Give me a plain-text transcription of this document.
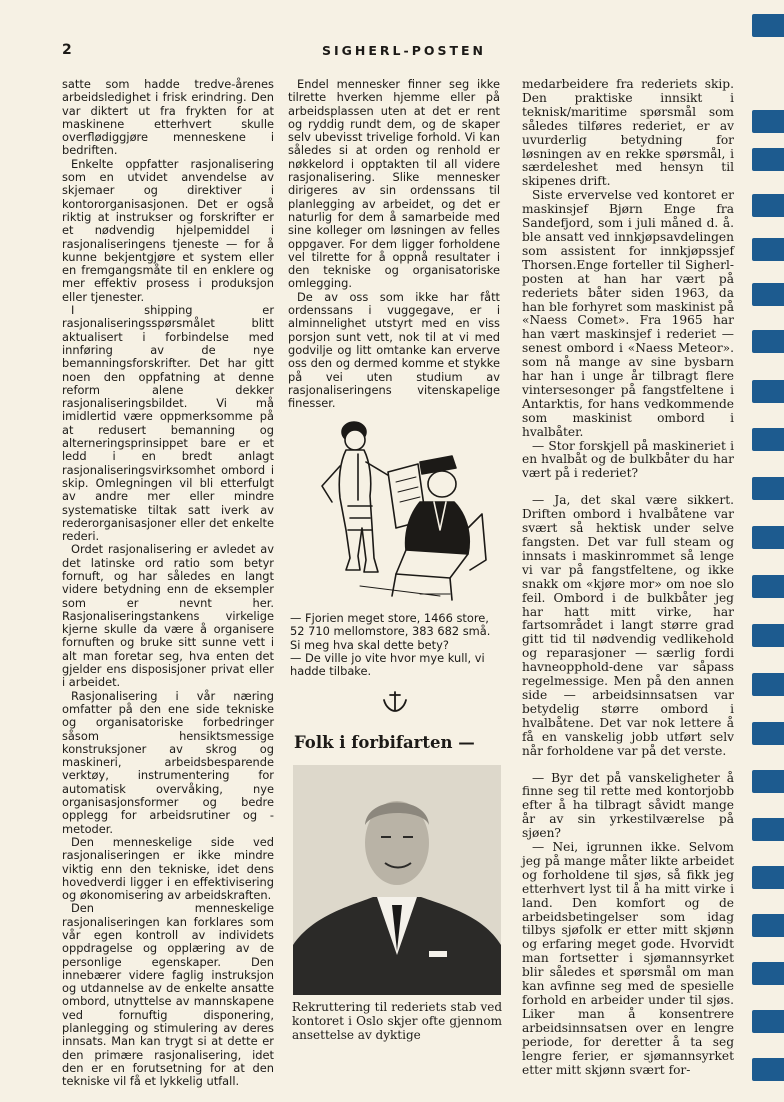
2	SIGHERL-POSTEN

satte som hadde tredve-årenes arbeidsledighet i frisk erindring. Den var diktert ut fra frykten for at maskinene etterhvert skulle overflødiggjøre menneskene i bedriften.

Enkelte oppfatter rasjonalisering som en utvidet anvendelse av skjemaer og direktiver i kontororganisasjonen. Det er også riktig at instrukser og forskrifter er et nødvendig hjelpemiddel i rasjonaliseringens tjeneste — for å kunne bekjentgjøre et system eller en fremgangsmåte til en enklere og mer effektiv prosess i produksjon eller tjenester.

I shipping er rasjonaliseringsspørsmålet blitt aktualisert i forbindelse med innføring av de nye bemanningsforskrifter. Det har gitt noen den oppfatning at denne reform alene dekker rasjonaliseringsbildet. Vi må imidlertid være oppmerksomme på at redusert bemanning og alterneringsprinsippet bare er et ledd i en bredt anlagt rasjonaliseringsvirksomhet ombord i skip. Omlegningen vil bli etterfulgt av andre mer eller mindre systematiske tiltak satt iverk av rederorganisasjoner eller det enkelte rederi.

Ordet rasjonalisering er avledet av det latinske ord ratio som betyr fornuft, og har således en langt videre betydning enn de eksempler som er nevnt her. Rasjonaliseringstankens virkelige kjerne skulle da være å organisere fornuften og bruke sitt sunne vett i alt man foretar seg, hva enten det gjelder ens disposisjoner privat eller i arbeidet.

Rasjonalisering i vår næring omfatter på den ene side tekniske og organisatoriske forbedringer såsom hensiktsmessige konstruksjoner av skrog og maskineri, arbeidsbesparende verktøy, instrumentering for automatisk overvåking, nye organisasjonsformer og bedre opplegg for arbeidsrutiner og -metoder.

Den menneskelige side ved rasjonaliseringen er ikke mindre viktig enn den tekniske, idet dens hovedverdi ligger i en effektivisering og økonomisering av arbeidskraften.

Den menneskelige rasjonaliseringen kan forklares som vår egen kontroll av individets oppdragelse og opplæring av de personlige egenskaper. Den innebærer videre faglig instruksjon og utdannelse av de enkelte ansatte ombord, utnyttelse av mannskapene ved fornuftig disponering, planlegging og stimulering av deres innsats. Man kan trygt si at dette er den primære rasjonalisering, idet den er en forutsetning for at den tekniske vil få et lykkelig utfall.

Endel mennesker finner seg ikke tilrette hverken hjemme eller på arbeidsplassen uten at det er rent og ryddig rundt dem, og de skaper selv ubevisst trivelige forhold. Vi kan således si at orden og renhold er nøkkelord i opptakten til all videre rasjonalisering. Slike mennesker dirigeres av sin ordenssans til planlegging av arbeidet, og det er naturlig for dem å samarbeide med sine kolleger om løsningen av felles oppgaver. For dem ligger forholdene vel tilrette for å oppnå resultater i den tekniske og organisatoriske omlegging.

De av oss som ikke har fått ordenssans i vuggegave, er i alminnelighet utstyrt med en viss porsjon sunt vett, nok til at vi med godvilje og litt omtanke kan erverve oss den og dermed komme et stykke på vei uten studium av rasjonaliseringens vitenskapelige finesser.

— Fjorien meget store, 1466 store, 52 710 mellomstore, 383 682 små. Si meg hva skal dette bety?

— De ville jo vite hvor mye kull, vi hadde tilbake.

Folk i forbifarten —

Rekruttering til rederiets stab ved kontoret i Oslo skjer ofte gjennom ansettelse av dyktige

medarbeidere fra rederiets skip. Den praktiske innsikt i teknisk/maritime spørsmål som således tilføres rederiet, er av uvurderlig betydning for løsningen av en rekke spørsmål, i særdeleshet med hensyn til skipenes drift.

Siste ervervelse ved kontoret er maskinsjef Bjørn Enge fra Sandefjord, som i juli måned d. å. ble ansatt ved innkjøpsavdelingen som assistent for innkjøpssjef Thorsen.Enge forteller til Sigherl-posten at han har vært på rederiets båter siden 1963, da han ble forhyret som maskinist på «Naess Comet». Fra 1965 har han vært maskinsjef i rederiet — senest ombord i «Naess Meteor». som nå mange av sine bysbarn har han i unge år tilbragt flere vintersesonger på fangstfeltene i Antarktis, for hans vedkommende som maskinist ombord i hvalbåter.

— Stor forskjell på maskineriet i en hvalbåt og de bulkbåter du har vært på i rederiet?

— Ja, det skal være sikkert. Driften ombord i hvalbåtene var svært så hektisk under selve fangsten. Det var full steam og innsats i maskinrommet så lenge vi var på fangstfeltene, og ikke snakk om «kjøre mor» om noe slo feil. Ombord i de bulkbåter jeg har hatt mitt virke, har fartsområdet i langt større grad gitt tid til nødvendig vedlikehold og reparasjoner — særlig fordi havneopphold-dene var såpass regelmessige. Men på den annen side — arbeidsinnsatsen var betydelig større ombord i hvalbåtene. Det var nok lettere å få en vanskelig jobb utført selv når forholdene var på det verste.

— Byr det på vanskeligheter å finne seg til rette med kontorjobb efter å ha tilbragt såvidt mange år av sin yrkestilværelse på sjøen?

— Nei, igrunnen ikke. Selvom jeg på mange måter likte arbeidet og forholdene til sjøs, så fikk jeg etterhvert lyst til å ha mitt virke i land. Den komfort og de arbeidsbetingelser som idag tilbys sjøfolk er etter mitt skjønn og erfaring meget gode. Hvorvidt man fortsetter i sjømannsyrket blir således et spørsmål om man kan avfinne seg med de spesielle forhold en arbeider under til sjøs. Liker man å konsentrere arbeidsinnsatsen over en lengre periode, for deretter å ta seg lengre ferier, er sjømannsyrket etter mitt skjønn svært for-
